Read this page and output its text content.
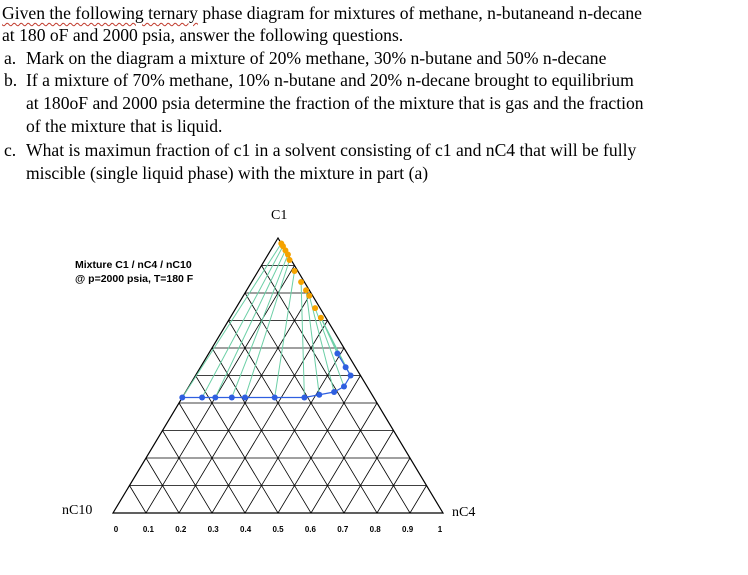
Given the following ternary phase diagram for mixtures of methane, n-butaneand n-decane
at 180 oF and 2000 psia, answer the following questions.
a. Mark on the diagram a mixture of 20% methane, 30% n-butane and 50% n-decane
b. If a mixture of 70% methane, 10% n-butane and 20% n-decane brought to equilibrium
at 180oF and 2000 psia determine the fraction of the mixture that is gas and the fraction
of the mixture that is liquid.
c. What is maximun fraction of c1 in a solvent consisting of c1 and nC4 that will be fully
miscible (single liquid phase) with the mixture in part (a)
Mixture C1 / nC4 / nC10
@ p=2000 psia, T=180 F
C1
nC10	nC4
0	0.1	0.2	0.3	0.4	0.5	0.6	0.7	0.8	0.9	1
